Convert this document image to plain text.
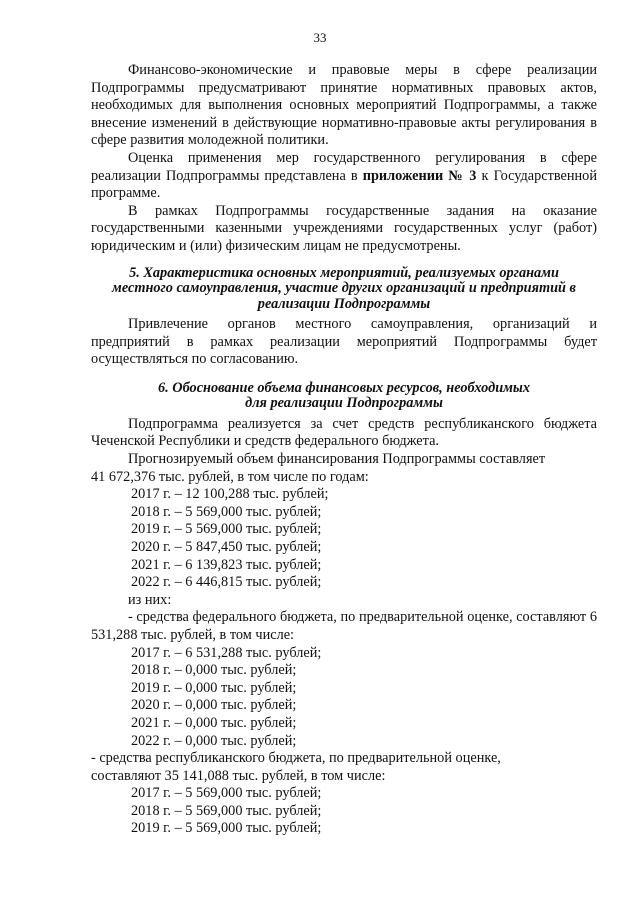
33

Финансово-экономические и правовые меры в сфере реализации Подпрограммы предусматривают принятие нормативных правовых актов, необходимых для выполнения основных мероприятий Подпрограммы, а также внесение изменений в действующие нормативно-правовые акты регулирования в сфере развития молодежной политики.

Оценка применения мер государственного регулирования в сфере реализации Подпрограммы представлена в приложении № 3 к Государственной программе.

В рамках Подпрограммы государственные задания на оказание государственными казенными учреждениями государственных услуг (работ) юридическим и (или) физическим лицам не предусмотрены.

5. Характеристика основных мероприятий, реализуемых органами
местного самоуправления, участие других организаций и предприятий в
реализации Подпрограммы

Привлечение органов местного самоуправления, организаций и предприятий в рамках реализации мероприятий Подпрограммы будет осуществляться по согласованию.

6. Обоснование объема финансовых ресурсов, необходимых
для реализации Подпрограммы

Подпрограмма реализуется за счет средств республиканского бюджета Чеченской Республики и средств федерального бюджета.

Прогнозируемый объем финансирования Подпрограммы составляет
41 672,376 тыс. рублей, в том числе по годам:

2017 г. – 12 100,288 тыс. рублей;
2018 г. – 5 569,000 тыс. рублей;
2019 г. – 5 569,000 тыс. рублей;
2020 г. – 5 847,450 тыс. рублей;
2021 г. – 6 139,823 тыс. рублей;
2022 г. – 6 446,815 тыс. рублей;

из них:

- средства федерального бюджета, по предварительной оценке, составляют 6 531,288 тыс. рублей, в том числе:

2017 г. – 6 531,288 тыс. рублей;
2018 г. – 0,000 тыс. рублей;
2019 г. – 0,000 тыс. рублей;
2020 г. – 0,000 тыс. рублей;
2021 г. – 0,000 тыс. рублей;
2022 г. – 0,000 тыс. рублей;

- средства республиканского бюджета, по предварительной оценке,
составляют 35 141,088 тыс. рублей, в том числе:

2017 г. – 5 569,000 тыс. рублей;
2018 г. – 5 569,000 тыс. рублей;
2019 г. – 5 569,000 тыс. рублей;
